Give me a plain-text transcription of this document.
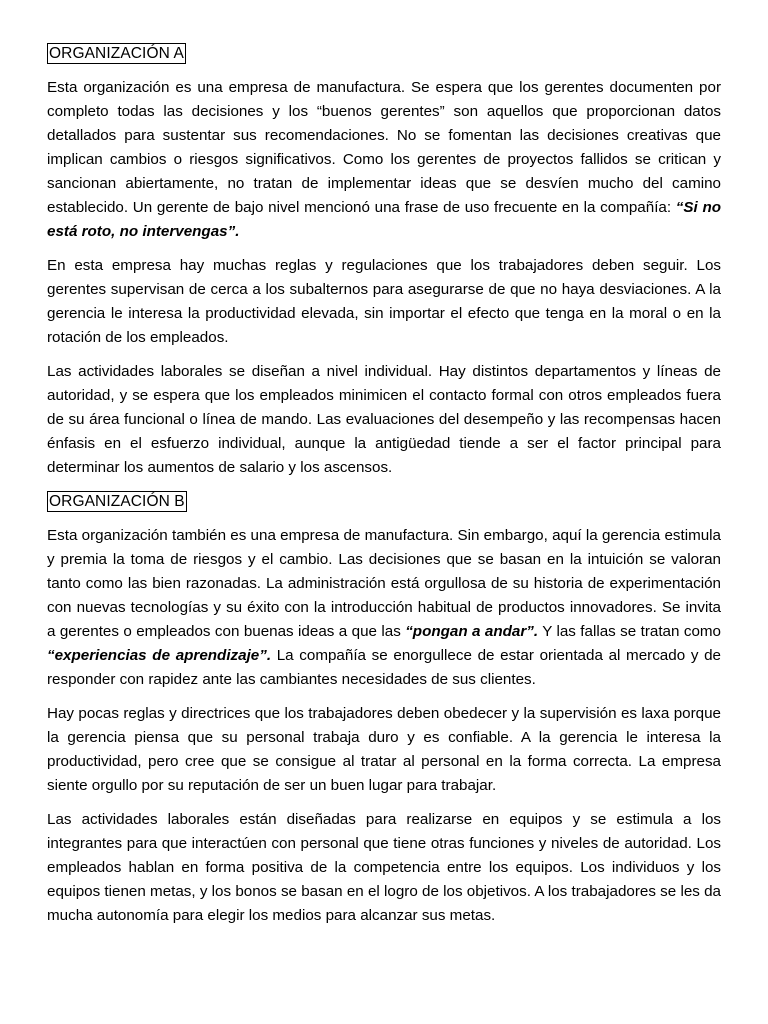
ORGANIZACIÓN A

Esta organización es una empresa de manufactura. Se espera que los gerentes documenten por completo todas las decisiones y los “buenos gerentes” son aquellos que proporcionan datos detallados para sustentar sus recomendaciones. No se fomentan las decisiones creativas que implican cambios o riesgos significativos. Como los gerentes de proyectos fallidos se critican y sancionan abiertamente, no tratan de implementar ideas que se desvíen mucho del camino establecido. Un gerente de bajo nivel mencionó una frase de uso frecuente en la compañía: “Si no está roto, no intervengas”.

En esta empresa hay muchas reglas y regulaciones que los trabajadores deben seguir. Los gerentes supervisan de cerca a los subalternos para asegurarse de que no haya desviaciones. A la gerencia le interesa la productividad elevada, sin importar el efecto que tenga en la moral o en la rotación de los empleados.

Las actividades laborales se diseñan a nivel individual. Hay distintos departamentos y líneas de autoridad, y se espera que los empleados minimicen el contacto formal con otros empleados fuera de su área funcional o línea de mando. Las evaluaciones del desempeño y las recompensas hacen énfasis en el esfuerzo individual, aunque la antigüedad tiende a ser el factor principal para determinar los aumentos de salario y los ascensos.

ORGANIZACIÓN B

Esta organización también es una empresa de manufactura. Sin embargo, aquí la gerencia estimula y premia la toma de riesgos y el cambio. Las decisiones que se basan en la intuición se valoran tanto como las bien razonadas. La administración está orgullosa de su historia de experimentación con nuevas tecnologías y su éxito con la introducción habitual de productos innovadores. Se invita a gerentes o empleados con buenas ideas a que las “pongan a andar”. Y las fallas se tratan como “experiencias de aprendizaje”. La compañía se enorgullece de estar orientada al mercado y de responder con rapidez ante las cambiantes necesidades de sus clientes.

Hay pocas reglas y directrices que los trabajadores deben obedecer y la supervisión es laxa porque la gerencia piensa que su personal trabaja duro y es confiable. A la gerencia le interesa la productividad, pero cree que se consigue al tratar al personal en la forma correcta. La empresa siente orgullo por su reputación de ser un buen lugar para trabajar.

Las actividades laborales están diseñadas para realizarse en equipos y se estimula a los integrantes para que interactúen con personal que tiene otras funciones y niveles de autoridad. Los empleados hablan en forma positiva de la competencia entre los equipos. Los individuos y los equipos tienen metas, y los bonos se basan en el logro de los objetivos. A los trabajadores se les da mucha autonomía para elegir los medios para alcanzar sus metas.
